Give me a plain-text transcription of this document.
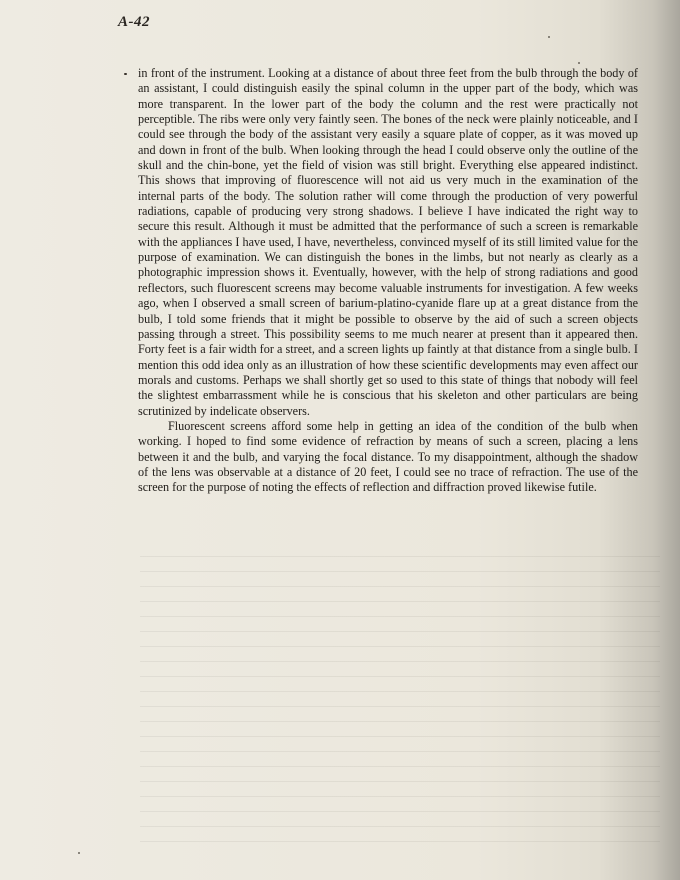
A-42

in front of the instrument. Looking at a distance of about three feet from the bulb through the body of an assistant, I could distinguish easily the spinal column in the upper part of the body, which was more transparent. In the lower part of the body the column and the rest were practically not perceptible. The ribs were only very faintly seen. The bones of the neck were plainly noticeable, and I could see through the body of the assistant very easily a square plate of copper, as it was moved up and down in front of the bulb. When looking through the head I could observe only the outline of the skull and the chin-bone, yet the field of vision was still bright. Everything else appeared indistinct. This shows that improving of fluorescence will not aid us very much in the examination of the internal parts of the body. The solution rather will come through the production of very powerful radiations, capable of producing very strong shadows. I believe I have indicated the right way to secure this result. Although it must be admitted that the performance of such a screen is remarkable with the appliances I have used, I have, nevertheless, convinced myself of its still limited value for the purpose of examination. We can distinguish the bones in the limbs, but not nearly as clearly as a photographic impression shows it. Eventually, however, with the help of strong radiations and good reflectors, such fluorescent screens may become valuable instruments for investigation. A few weeks ago, when I observed a small screen of barium-platino-cyanide flare up at a great distance from the bulb, I told some friends that it might be possible to observe by the aid of such a screen objects passing through a street. This possibility seems to me much nearer at present than it appeared then. Forty feet is a fair width for a street, and a screen lights up faintly at that distance from a single bulb. I mention this odd idea only as an illustration of how these scientific developments may even affect our morals and customs. Perhaps we shall shortly get so used to this state of things that nobody will feel the slightest embarrassment while he is conscious that his skeleton and other particulars are being scrutinized by indelicate observers.

Fluorescent screens afford some help in getting an idea of the condition of the bulb when working. I hoped to find some evidence of refraction by means of such a screen, placing a lens between it and the bulb, and varying the focal distance. To my disappointment, although the shadow of the lens was observable at a distance of 20 feet, I could see no trace of refraction. The use of the screen for the purpose of noting the effects of reflection and diffraction proved likewise futile.
